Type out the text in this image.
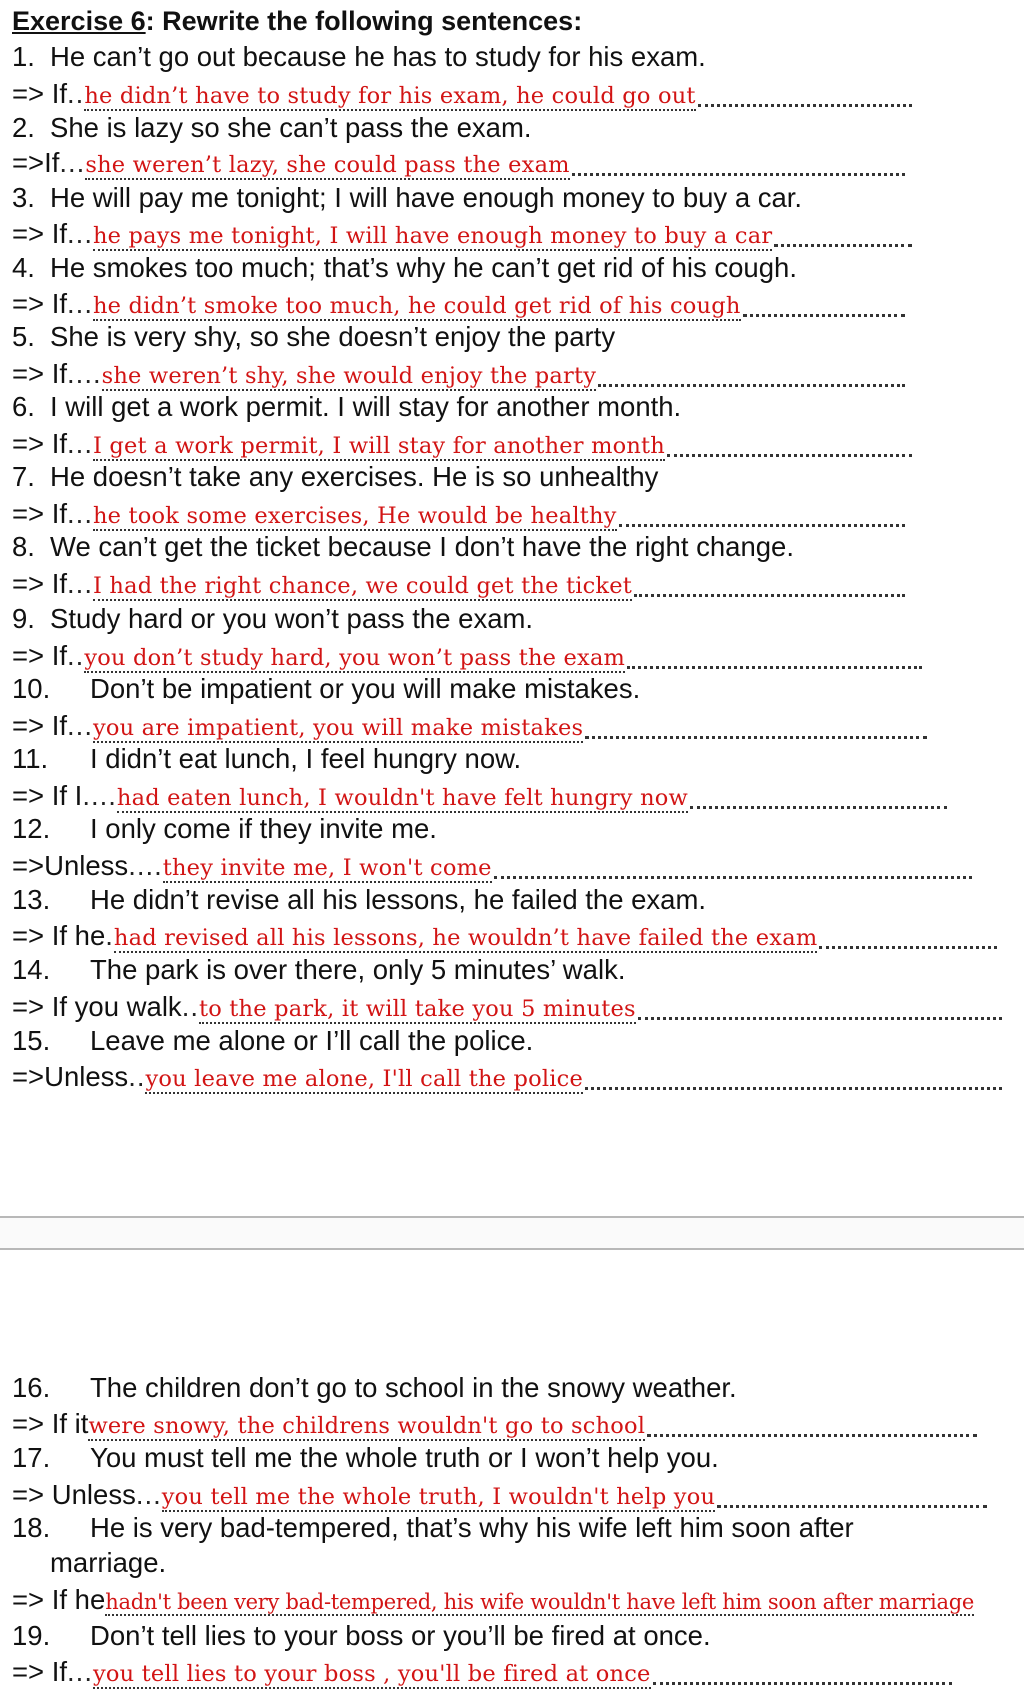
Exercise 6: Rewrite the following sentences:

1. He can’t go out because he has to study for his exam.
=> If .. he didn’t have to study for his exam, he could go out
2. She is lazy so she can’t pass the exam.
=>If ... she weren’t lazy, she could pass the exam
3. He will pay me tonight; I will have enough money to buy a car.
=> If ... he pays me tonight, I will have enough money to buy a car
4. He smokes too much; that’s why he can’t get rid of his cough.
=> If ... he didn’t smoke too much, he could get rid of his cough
5. She is very shy, so she doesn’t enjoy the party
=> If .... she weren’t shy, she would enjoy the party
6. I will get a work permit. I will stay for another month.
=> If ... I get a work permit, I will stay for another month
7. He doesn’t take any exercises. He is so unhealthy
=> If ... he took some exercises, He would be healthy
8. We can’t get the ticket because I don’t have the right change.
=> If ... I had the right chance, we could get the ticket
9. Study hard or you won’t pass the exam.
=> If .. you don’t study hard, you won’t pass the exam
10. Don’t be impatient or you will make mistakes.
=> If ... you are impatient, you will make mistakes
11. I didn’t eat lunch, I feel hungry now.
=> If I .... had eaten lunch, I wouldn't have felt hungry now
12. I only come if they invite me.
=>Unless .... they invite me, I won't come
13. He didn’t revise all his lessons, he failed the exam.
=> If he . had revised all his lessons, he wouldn’t have failed the exam
14. The park is over there, only 5 minutes’ walk.
=> If you walk .. to the park, it will take you 5 minutes
15. Leave me alone or I’ll call the police.
=>Unless .. you leave me alone, I'll call the police
16. The children don’t go to school in the snowy weather.
=> If it were snowy, the childrens wouldn't go to school
17. You must tell me the whole truth or I won’t help you.
=> Unless ... you tell me the whole truth, I wouldn't help you
18. He is very bad-tempered, that’s why his wife left him soon after
marriage.
=> If he hadn't been very bad-tempered, his wife wouldn't have left him soon after marriage
19. Don’t tell lies to your boss or you’ll be fired at once.
=> If ... you tell lies to your boss , you'll be fired at once
